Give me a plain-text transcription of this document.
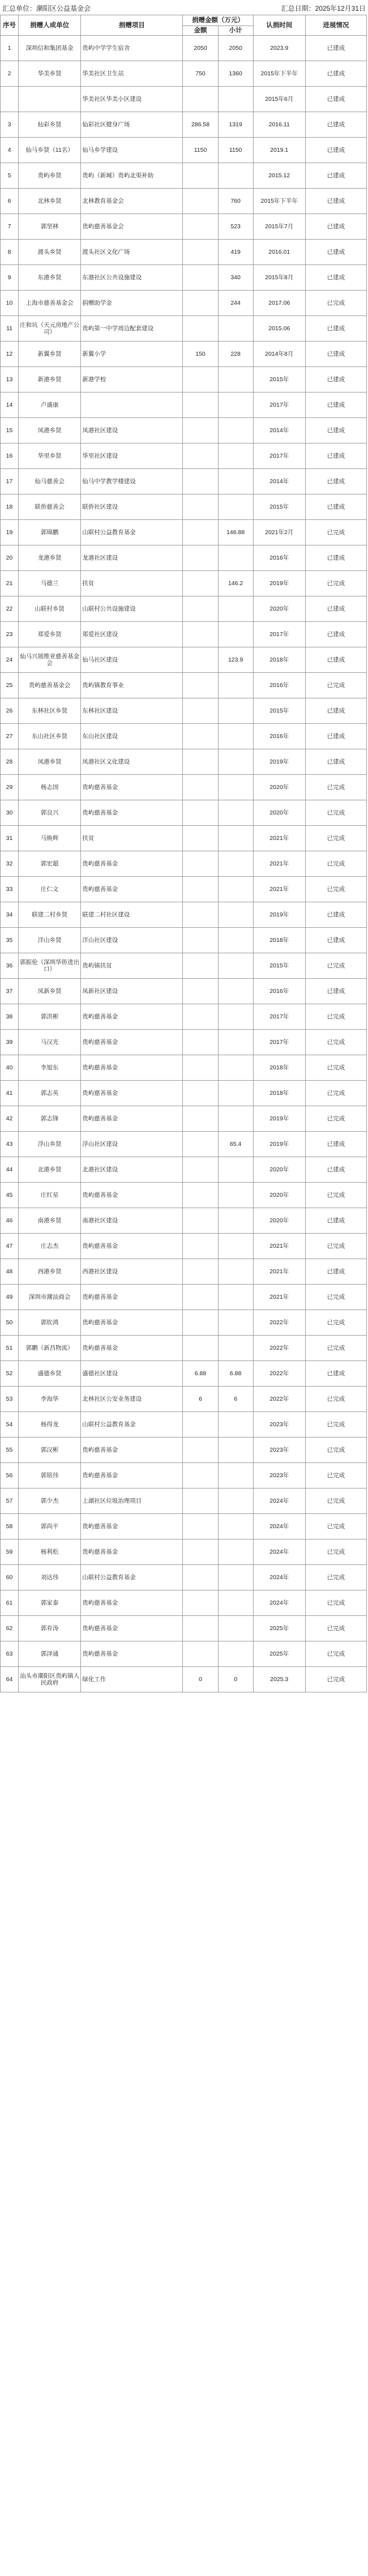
汇总单位：潮阳区公益基金会	汇总日期：2025年12月31日
序号	捐赠人或单位	捐赠项目	捐赠金额（万元）		认捐时间	进展情况
			金额	小计		
1	深圳信和集团基金	贵屿中学学生宿舍	2050	2050	2023.9	已建成
2	华美乡贤	华美社区卫生站	750	1360	2015年下半年	已建成
		华美社区华美小区建设			2015年6月	已建成
3	仙彩乡贤	仙彩社区健身广场	286.58	1319	2016.11	已建成
4	仙马乡贤（11名）	仙马乡学建设	1150	1150	2019.1	已建成
5	贵屿乡贤	贵屿（新城）贵屿北渠补助			2015.12	已建成
6	北林乡贤	北林教育基金会		760	2015年下半年	已建成
7	郭坚林	贵屿慈善基金会		523	2015年7月	已建成
8	渡头乡贤	渡头社区文化广场		419	2016.01	已建成
9	东港乡贤	东港社区公共设施建设		340	2015年8月	已建成
10	上海市慈善基金会	捐赠助学金		244	2017.06	已完成
11	庄和坑（天元房地产公司）	贵屿第一中学周边配套建设			2015.06	已建成
12	新翼乡贤	新翼小学	150	228	2014年8月	已建成
13	新港乡贤	新港学校			2015年	已建成
14	卢盛康				2017年	已建成
15	凤港乡贤	凤港社区建设			2014年	已建成
16	华里乡贤	华里社区建设			2017年	已建成
17	仙马慈善会	仙马中学教学楼建设			2014年	已建成
18	联侨慈善会	联侨社区建设			2015年	已建成
19	郭锦鹏	山联村公益教育基金		146.88	2021年2月	已完成
20	龙港乡贤	龙港社区建设			2016年	已建成
21	马德兰	扶贫		146.2	2019年	已完成
22	山联村乡贤	山联村公共设施建设			2020年	已建成
23	郑爱乡贤	郑爱社区建设			2017年	已建成
24	仙马兴展维亚慈善基金会	仙马社区建设		123.9	2018年	已建成
25	贵屿慈善基金会	贵屿镇教育事业			2016年	已完成
26	东林社区乡贤	东林社区建设			2015年	已建成
27	东山社区乡贤	东山社区建设			2016年	已建成
28	凤港乡贤	凤港社区文化建设			2019年	已建成
29	杨志国	贵屿慈善基金			2020年	已完成
30	郭良兴	贵屿慈善基金			2020年	已完成
31	马焕辉	扶贫			2021年	已完成
32	郭宏超	贵屿慈善基金			2021年	已完成
33	庄仁文	贵屿慈善基金			2021年	已完成
34	联建二村乡贤	联建二村社区建设			2019年	已建成
35	洋山乡贤	洋山社区建设			2018年	已建成
36	郭振伦（深圳华侨进出口）	贵屿镇扶贫			2015年	已完成
37	凤新乡贤	凤新社区建设			2016年	已建成
38	郭洪彬	贵屿慈善基金			2017年	已完成
39	马汉光	贵屿慈善基金			2017年	已完成
40	李旭东	贵屿慈善基金			2018年	已完成
41	郭志英	贵屿慈善基金			2018年	已完成
42	郭志锋	贵屿慈善基金			2019年	已完成
43	浮山乡贤	浮山社区建设		65.4	2019年	已建成
44	北港乡贤	北港社区建设			2020年	已建成
45	庄红星	贵屿慈善基金			2020年	已完成
46	南港乡贤	南港社区建设			2020年	已建成
47	庄志杰	贵屿慈善基金			2021年	已完成
48	西港乡贤	西港社区建设			2021年	已建成
49	深圳市潮汕商会	贵屿慈善基金			2021年	已完成
50	郭钦鸿	贵屿慈善基金			2022年	已完成
51	郭鹏（新昌物流）	贵屿慈善基金			2022年	已完成
52	盛德乡贤	盛德社区建设	6.88	6.88	2022年	已建成
53	李海华	北林社区公安业务建设	6	6	2022年	已完成
54	杨得龙	山联村公益教育基金			2023年	已完成
55	郭汉彬	贵屿慈善基金			2023年	已完成
56	郭铭伟	贵屿慈善基金			2023年	已完成
57	郭少杰	上湖社区垃圾治理项目			2024年	已完成
58	郭尚平	贵屿慈善基金			2024年	已完成
59	杨利松	贵屿慈善基金			2024年	已完成
60	刘达伟	山联村公益教育基金			2024年	已完成
61	郭家泰	贵屿慈善基金			2024年	已完成
62	郭育涛	贵屿慈善基金			2025年	已完成
63	郭泽通	贵屿慈善基金			2025年	已完成
64	汕头市潮阳区贵屿镇人民政府	绿化工作	0	0	2025.3	已完成
